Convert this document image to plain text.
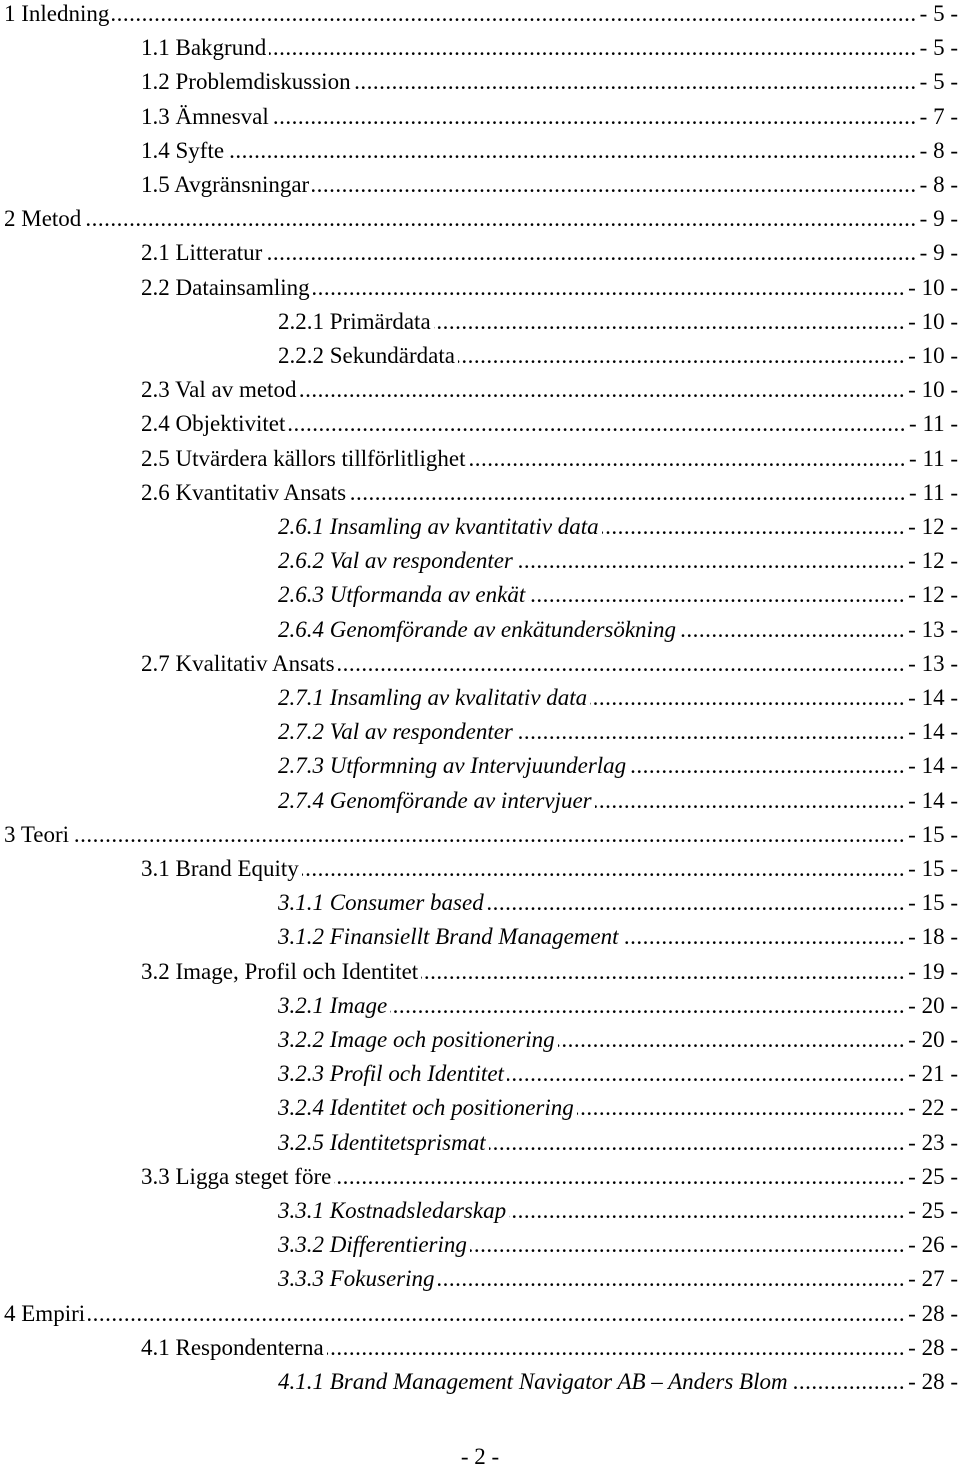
1 Inledning .....	- 5 -
1.1 Bakgrund .....	- 5 -
1.2 Problemdiskussion .....	- 5 -
1.3 Ämnesval .....	- 7 -
1.4 Syfte .....	- 8 -
1.5 Avgränsningar .....	- 8 -
2 Metod .....	- 9 -
2.1 Litteratur .....	- 9 -
2.2 Datainsamling .....	- 10 -
2.2.1 Primärdata .....	- 10 -
2.2.2 Sekundärdata .....	- 10 -
2.3 Val av metod .....	- 10 -
2.4 Objektivitet .....	- 11 -
2.5 Utvärdera källors tillförlitlighet .....	- 11 -
2.6 Kvantitativ Ansats .....	- 11 -
2.6.1 Insamling av kvantitativ data .....	- 12 -
2.6.2 Val av respondenter .....	- 12 -
2.6.3 Utformanda av enkät .....	- 12 -
2.6.4 Genomförande av enkätundersökning .....	- 13 -
2.7 Kvalitativ Ansats .....	- 13 -
2.7.1 Insamling av kvalitativ data .....	- 14 -
2.7.2 Val av respondenter .....	- 14 -
2.7.3 Utformning av Intervjuunderlag .....	- 14 -
2.7.4 Genomförande av intervjuer .....	- 14 -
3 Teori .....	- 15 -
3.1 Brand Equity .....	- 15 -
3.1.1 Consumer based .....	- 15 -
3.1.2 Finansiellt Brand Management .....	- 18 -
3.2 Image, Profil och Identitet .....	- 19 -
3.2.1 Image .....	- 20 -
3.2.2 Image och positionering .....	- 20 -
3.2.3 Profil och Identitet .....	- 21 -
3.2.4 Identitet och positionering .....	- 22 -
3.2.5 Identitetsprismat .....	- 23 -
3.3 Ligga steget före .....	- 25 -
3.3.1 Kostnadsledarskap .....	- 25 -
3.3.2 Differentiering .....	- 26 -
3.3.3 Fokusering .....	- 27 -
4 Empiri .....	- 28 -
4.1 Respondenterna .....	- 28 -
4.1.1 Brand Management Navigator AB – Anders Blom .....	- 28 -
- 2 -
